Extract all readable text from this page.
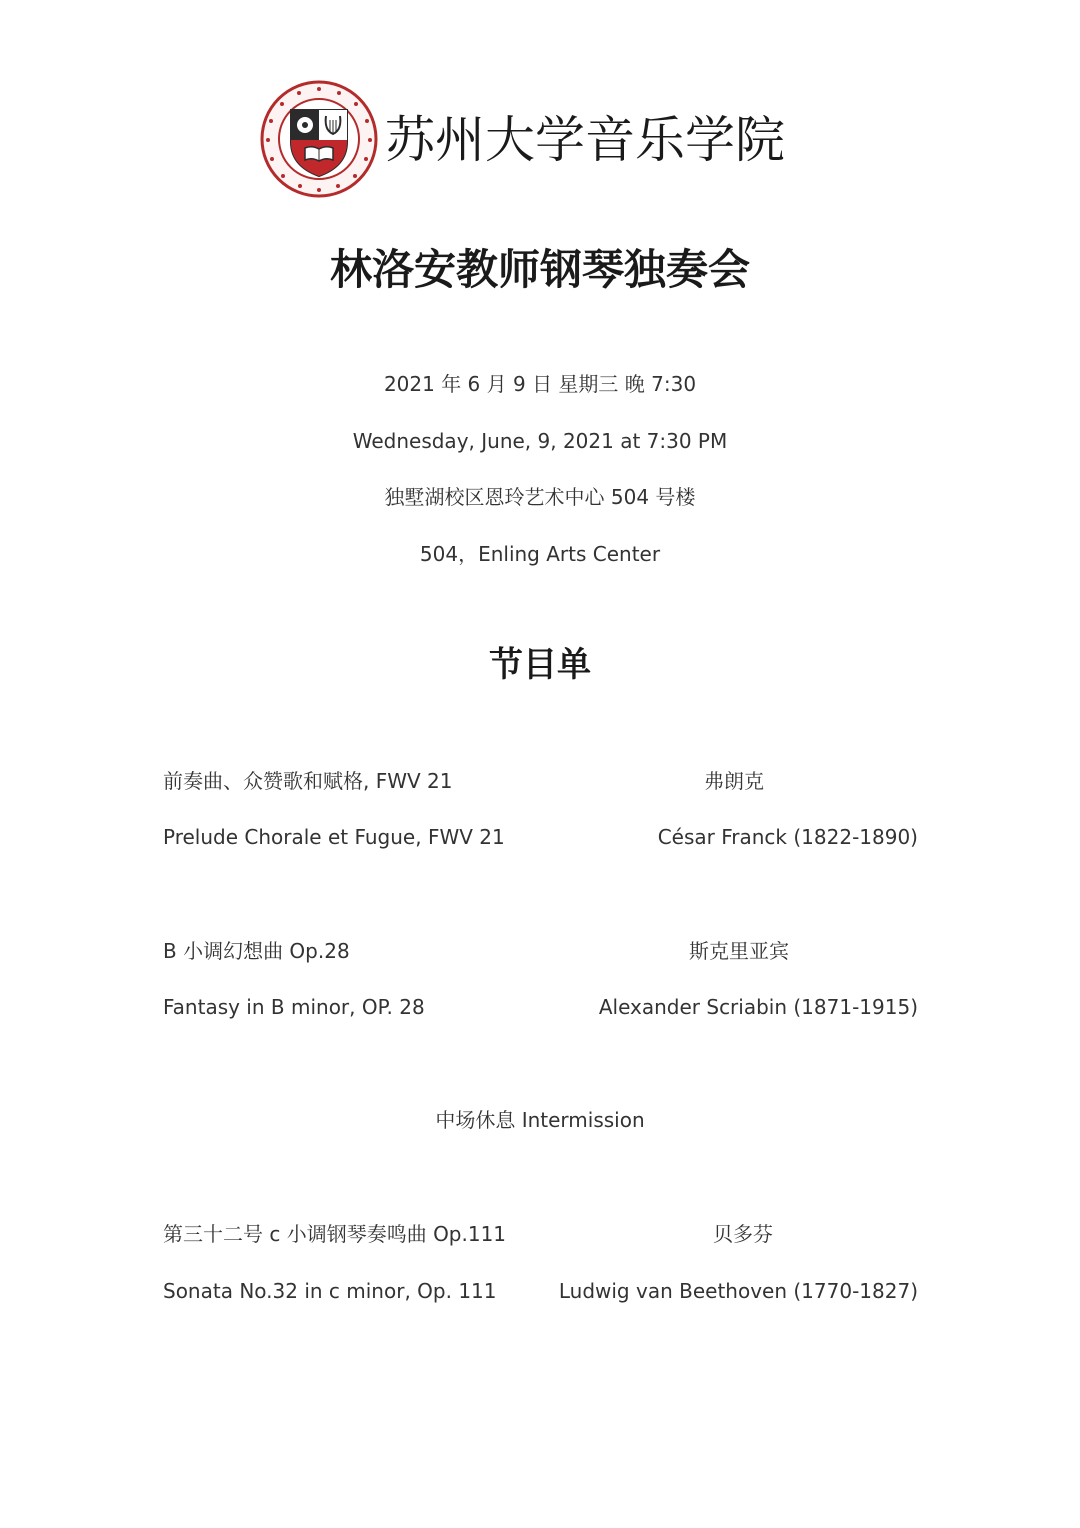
苏州大学音乐学院
林洛安教师钢琴独奏会
2021 年 6 月 9 日 星期三 晚 7:30
Wednesday, June, 9, 2021 at 7:30 PM
独墅湖校区恩玲艺术中心 504 号楼
504，Enling Arts Center
节目单
前奏曲、众赞歌和赋格, FWV 21	弗朗克
Prelude Chorale et Fugue, FWV 21	César Franck (1822-1890)
B 小调幻想曲 Op.28	斯克里亚宾
Fantasy in B minor, OP. 28	Alexander Scriabin (1871-1915)
中场休息 Intermission
第三十二号 c 小调钢琴奏鸣曲 Op.111	贝多芬
Sonata No.32 in c minor, Op. 111	Ludwig van Beethoven (1770-1827)
